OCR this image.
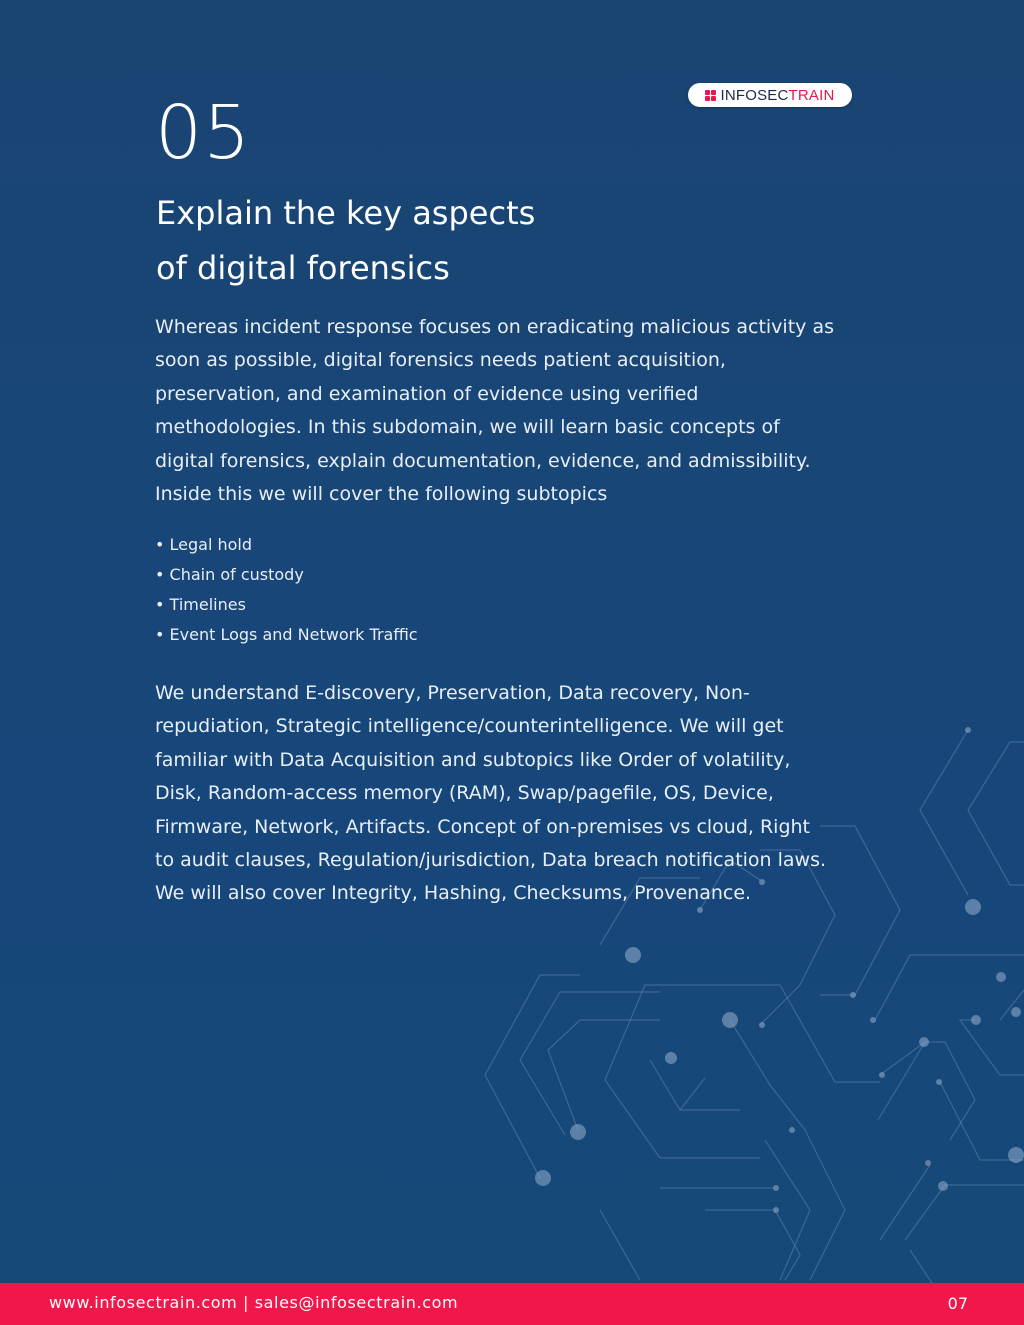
INFOSECTRAIN
05
Explain the key aspects
of digital forensics

Whereas incident response focuses on eradicating malicious activity as soon as possible, digital forensics needs patient acquisition, preservation, and examination of evidence using verified methodologies. In this subdomain, we will learn basic concepts of digital forensics, explain documentation, evidence, and admissibility. Inside this we will cover the following subtopics

• Legal hold
• Chain of custody
• Timelines
• Event Logs and Network Traffic

We understand E-discovery, Preservation, Data recovery, Non-repudiation, Strategic intelligence/counterintelligence. We will get familiar with Data Acquisition and subtopics like Order of volatility, Disk, Random-access memory (RAM), Swap/pagefile, OS, Device, Firmware, Network, Artifacts. Concept of on-premises vs cloud, Right to audit clauses, Regulation/jurisdiction, Data breach notification laws. We will also cover Integrity, Hashing, Checksums, Provenance.

www.infosectrain.com | sales@infosectrain.com	07
